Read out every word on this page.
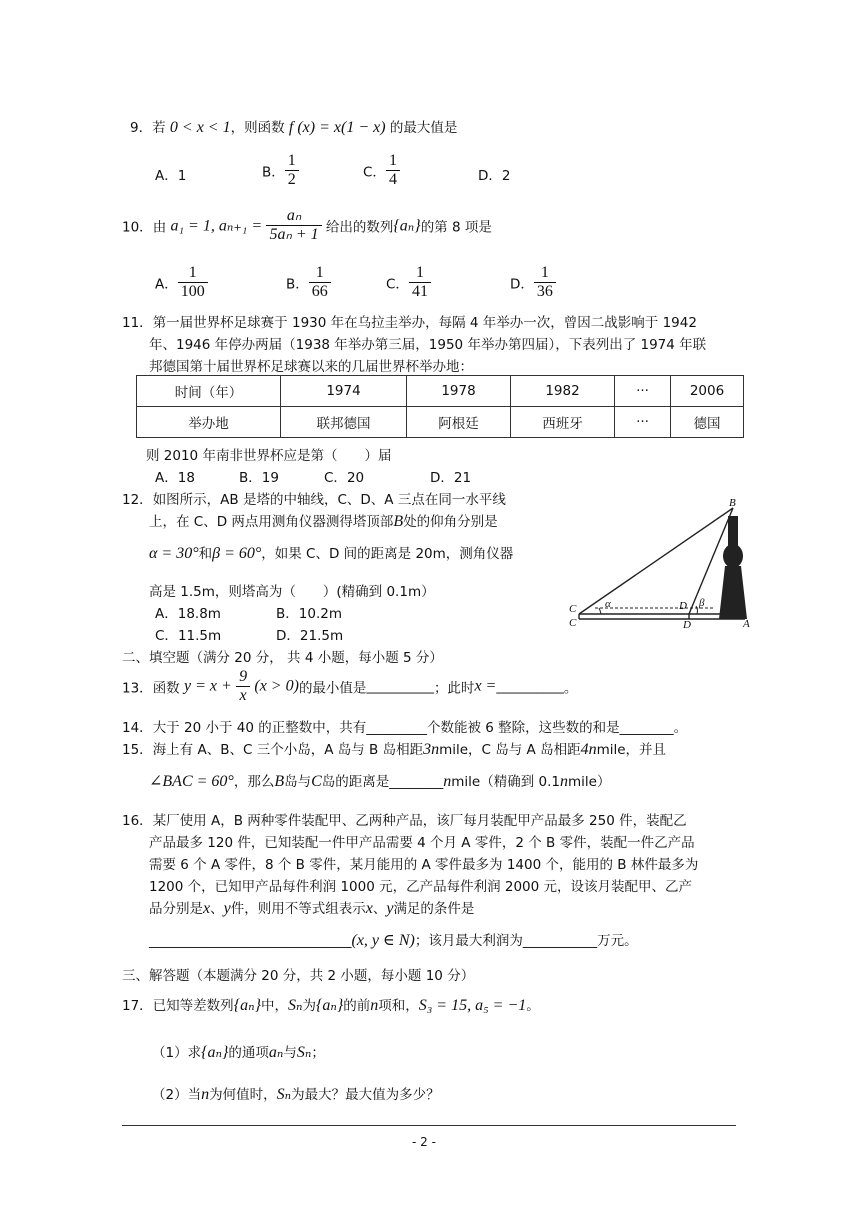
9．若 0 < x < 1，则函数 f (x) = x(1 − x) 的最大值是
A．1	B． $\frac{1}{2}$	C． $\frac{1}{4}$	D．2
10．由 a₁ = 1, $a_{n+1} = \frac{\text{aₙ}}{\text{5aₙ + 1}}$ 给出的数列{aₙ}的第 8 项是
A． $\frac{1}{100}$	B． $\frac{1}{66}$	C． $\frac{1}{41}$	D． $\frac{1}{36}$
11．第一届世界杯足球赛于 1930 年在乌拉圭举办，每隔 4 年举办一次，曾因二战影响于 1942
年、1946 年停办两届（1938 年举办第三届，1950 年举办第四届），下表列出了 1974 年联
邦德国第十届世界杯足球赛以来的几届世界杯举办地：
时间（年）	1974	1978	1982	···	2006
举办地	联邦德国	阿根廷	西班牙	···	德国
则 2010 年南非世界杯应是第（　　）届
A．18	B．19	C．20	D．21
12．如图所示，AB 是塔的中轴线，C、D、A 三点在同一水平线
上，在 C、D 两点用测角仪器测得塔顶部B处的仰角分别是
α = 30°和β = 60°，如果 C、D 间的距离是 20m，测角仪器
高是 1.5m，则塔高为（　　）(精确到 0.1m）
A．18.8m	B．10.2m
C．11.5m	D．21.5m
B
C
C
D
D	A
α	β
二、填空题（满分 20 分， 共 4 小题，每小题 5 分）
13．函数 $y = x + \frac{9}{x} (x > 0)$的最小值是__________；此时x =__________。
14．大于 20 小于 40 的正整数中，共有_________个数能被 6 整除，这些数的和是________。
15．海上有 A、B、C 三个小岛，A 岛与 B 岛相距3nmile，C 岛与 A 岛相距4nmile，并且
∠BAC = 60°，那么B岛与C岛的距离是________nmile（精确到 0.1nmile）
16．某厂使用 A，B 两种零件装配甲、乙两种产品，该厂每月装配甲产品最多 250 件，装配乙
产品最多 120 件，已知装配一件甲产品需要 4 个月 A 零件，2 个 B 零件，装配一件乙产品
需要 6 个 A 零件，8 个 B 零件，某月能用的 A 零件最多为 1400 个，能用的 B 林件最多为
1200 个，已知甲产品每件利润 1000 元，乙产品每件利润 2000 元，设该月装配甲、乙产
品分别是x、y件，则用不等式组表示x、y满足的条件是
______________________________(x, y ∈ N)；该月最大利润为___________万元。
三、解答题（本题满分 20 分，共 2 小题，每小题 10 分）
17．已知等差数列{aₙ}中，Sₙ为{aₙ}的前n项和，S₃ = 15, a₅ = −1。
（1）求{aₙ}的通项aₙ与Sₙ；
（2）当n为何值时，Sₙ为最大？最大值为多少？
- 2 -
